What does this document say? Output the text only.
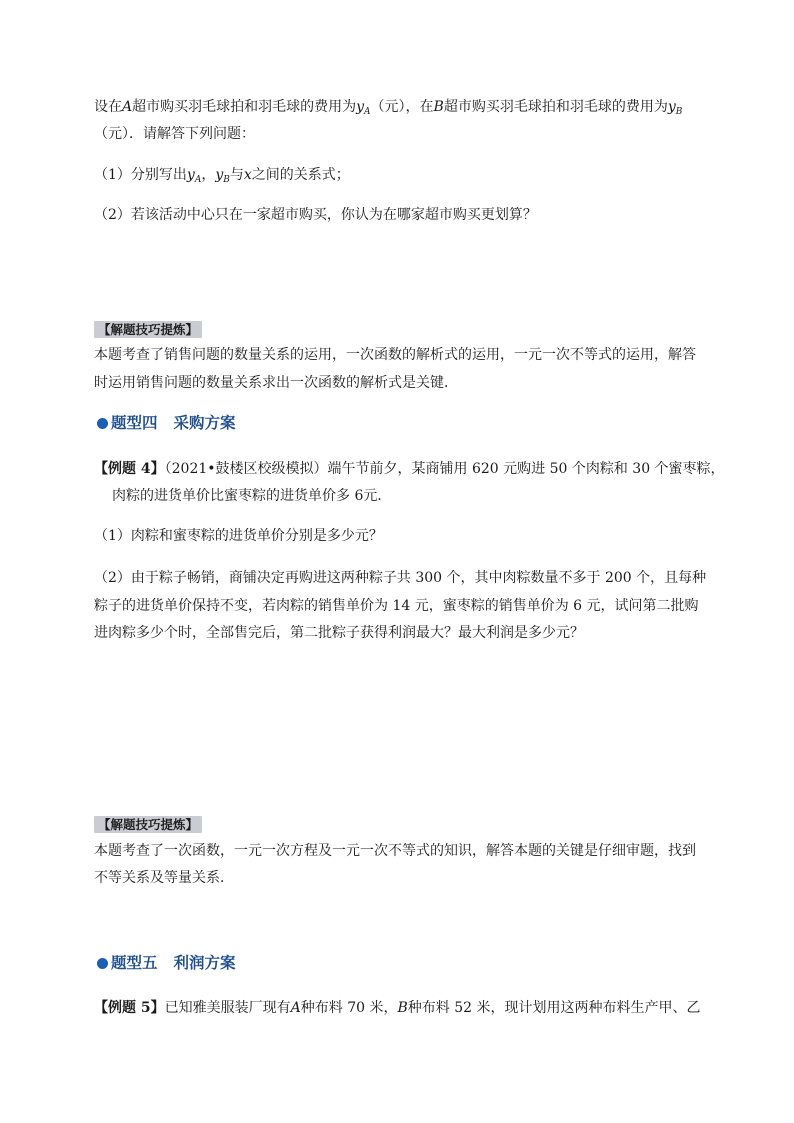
设在A超市购买羽毛球拍和羽毛球的费用为$y_A$（元），在B超市购买羽毛球拍和羽毛球的费用为$y_B$
（元）．请解答下列问题：
（1）分别写出$y_A$，$y_B$与x之间的关系式；
（2）若该活动中心只在一家超市购买，你认为在哪家超市购买更划算？
【解题技巧提炼】
本题考查了销售问题的数量关系的运用，一次函数的解析式的运用，一元一次不等式的运用，解答
时运用销售问题的数量关系求出一次函数的解析式是关键．
题型四 采购方案
【例题 4】（2021•鼓楼区校级模拟）端午节前夕，某商铺用 620 元购进 50 个肉粽和 30 个蜜枣粽，
肉粽的进货单价比蜜枣粽的进货单价多 6元．
（1）肉粽和蜜枣粽的进货单价分别是多少元？
（2）由于粽子畅销，商铺决定再购进这两种粽子共 300 个，其中肉粽数量不多于 200 个，且每种
粽子的进货单价保持不变，若肉粽的销售单价为 14 元，蜜枣粽的销售单价为 6 元，试问第二批购
进肉粽多少个时，全部售完后，第二批粽子获得利润最大？最大利润是多少元？
【解题技巧提炼】
本题考查了一次函数，一元一次方程及一元一次不等式的知识，解答本题的关键是仔细审题，找到
不等关系及等量关系．
题型五 利润方案
【例题 5】已知雅美服装厂现有A种布料 70 米，B种布料 52 米，现计划用这两种布料生产甲、乙
